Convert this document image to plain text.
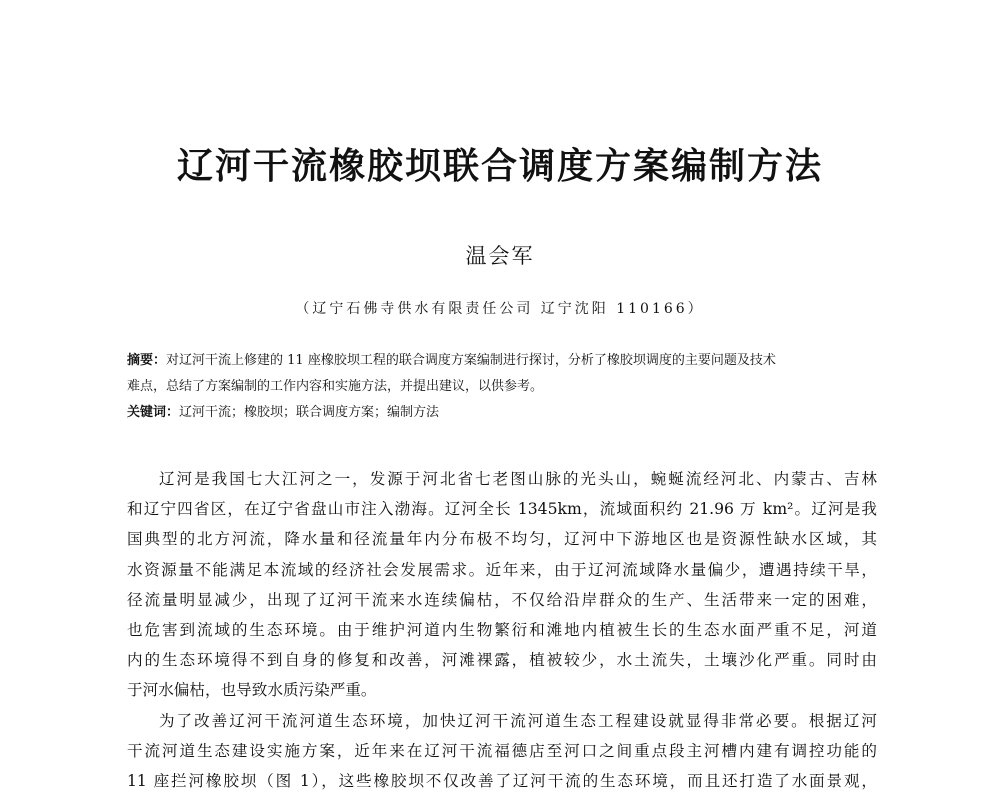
辽河干流橡胶坝联合调度方案编制方法
温会军
（辽宁石佛寺供水有限责任公司 辽宁沈阳 110166）
摘要：对辽河干流上修建的 11 座橡胶坝工程的联合调度方案编制进行探讨，分析了橡胶坝调度的主要问题及技术
难点，总结了方案编制的工作内容和实施方法，并提出建议，以供参考。
关键词：辽河干流；橡胶坝；联合调度方案；编制方法
辽河是我国七大江河之一，发源于河北省七老图山脉的光头山，蜿蜒流经河北、内蒙古、吉林
和辽宁四省区，在辽宁省盘山市注入渤海。辽河全长 1345km，流域面积约 21.96 万 km²。辽河是我
国典型的北方河流，降水量和径流量年内分布极不均匀，辽河中下游地区也是资源性缺水区域，其
水资源量不能满足本流域的经济社会发展需求。近年来，由于辽河流域降水量偏少，遭遇持续干旱，
径流量明显减少，出现了辽河干流来水连续偏枯，不仅给沿岸群众的生产、生活带来一定的困难，
也危害到流域的生态环境。由于维护河道内生物繁衍和滩地内植被生长的生态水面严重不足，河道
内的生态环境得不到自身的修复和改善，河滩裸露，植被较少，水土流失，土壤沙化严重。同时由
于河水偏枯，也导致水质污染严重。
为了改善辽河干流河道生态环境，加快辽河干流河道生态工程建设就显得非常必要。根据辽河
干流河道生态建设实施方案，近年来在辽河干流福德店至河口之间重点段主河槽内建有调控功能的
11 座拦河橡胶坝（图 1），这些橡胶坝不仅改善了辽河干流的生态环境，而且还打造了水面景观，
